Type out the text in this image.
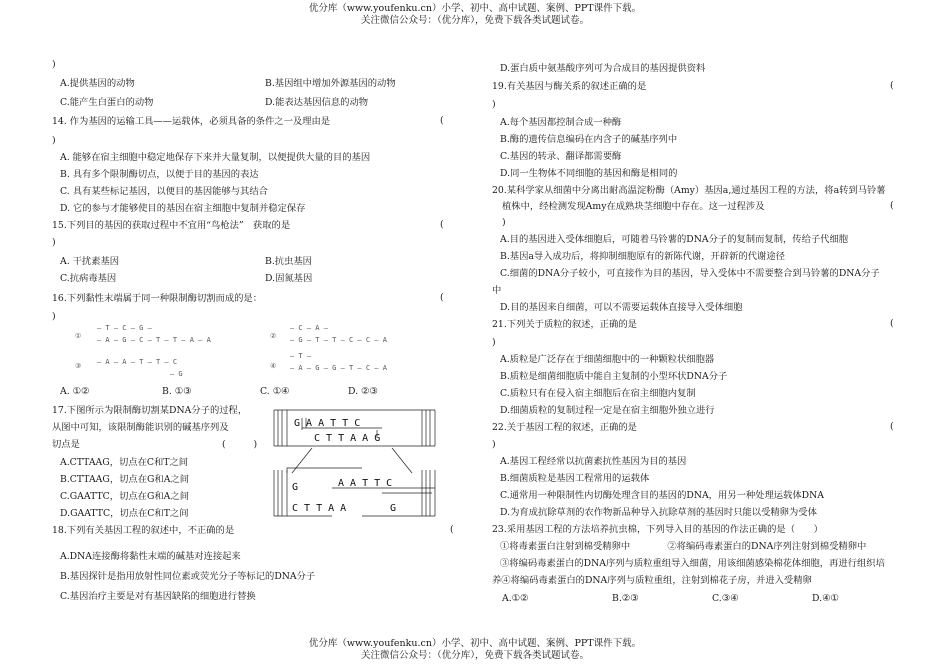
优分库（www.youfenku.cn）小学、初中、高中试题、案例、PPT课件下载。
关注微信公众号：（优分库），免费下载各类试题试卷。
)
A.提供基因的动物	B.基因组中增加外源基因的动物
C.能产生白蛋白的动物	D.能表达基因信息的动物
14. 作为基因的运输工具——运载体，必须具备的条件之一及理由是	(
)
A. 能够在宿主细胞中稳定地保存下来并大量复制，以便提供大量的目的基因
B. 具有多个限制酶切点，以便于目的基因的表达
C. 具有某些标记基因，以便目的基因能够与其结合
D. 它的参与才能够使目的基因在宿主细胞中复制并稳定保存
15.下列目的基因的获取过程中不宜用“鸟枪法”　获取的是	(
)
A. 干扰素基因	B.抗虫基因
C.抗病毒基因	D.固氮基因
16.下列黏性末端属于同一种限制酶切割而成的是：	(
)
①
— T — C — G —
— A — G — C — T — T — A — A	②
— C — A —
— G — T — T — C — C — A
③ — A — A — T — T — C
— G
④
— T —
— A — G — G — T — C — A
A. ①②	B. ①③	C. ①④	D. ②③
17.下图所示为限制酶切割某DNA分子的过程，
从图中可知，该限制酶能识别的碱基序列及
切点是	(　　　)
A.CTTAAG，切点在C和T之间
B.CTTAAG，切点在G和A之间
C.GAATTC，切点在G和A之间
D.GAATTC，切点在C和T之间
G A A T T C
C T T A A G
G
C T T A A
A A T T C
G
18.下列有关基因工程的叙述中，不正确的是	(
A.DNA连接酶将黏性末端的碱基对连接起来
B.基因探针是指用放射性同位素或荧光分子等标记的DNA分子
C.基因治疗主要是对有基因缺陷的细胞进行替换
D.蛋白质中氨基酸序列可为合成目的基因提供资料
19.有关基因与酶关系的叙述正确的是	(
)
A.每个基因都控制合成一种酶
B.酶的遗传信息编码在内含子的碱基序列中
C.基因的转录、翻译都需要酶
D.同一生物体不同细胞的基因和酶是相同的
20.某科学家从细菌中分离出耐高温淀粉酶（Amy）基因a,通过基因工程的方法，将a转到马铃薯
植株中，经检测发现Amy在成熟块茎细胞中存在。这一过程涉及	(
)
A.目的基因进入受体细胞后，可随着马铃薯的DNA分子的复制而复制，传给子代细胞
B.基因a导入成功后，将抑制细胞原有的新陈代谢，开辟新的代谢途径
C.细菌的DNA分子较小，可直接作为目的基因，导入受体中不需要整合到马铃薯的DNA分子
中
D.目的基因来自细菌，可以不需要运载体直接导入受体细胞
21.下列关于质粒的叙述，正确的是	(
)
A.质粒是广泛存在于细菌细胞中的一种颗粒状细胞器
B.质粒是细菌细胞质中能自主复制的小型环状DNA分子
C.质粒只有在侵入宿主细胞后在宿主细胞内复制
D.细菌质粒的复制过程一定是在宿主细胞外独立进行
22.关于基因工程的叙述，正确的是	(
)
A.基因工程经常以抗菌素抗性基因为目的基因
B.细菌质粒是基因工程常用的运载体
C.通常用一种限制性内切酶处理含目的基因的DNA，用另一种处理运载体DNA
D.为育成抗除草剂的农作物新品种导入抗除草剂的基因时只能以受精卵为受体
23.采用基因工程的方法培养抗虫棉，下列导入目的基因的作法正确的是（　　）
①将毒素蛋白注射到棉受精卵中　　　　②将编码毒素蛋白的DNA序列注射到棉受精卵中
③将编码毒素蛋白的DNA序列与质粒重组导入细菌，用该细菌感染棉花体细胞，再进行组织培
养④将编码毒素蛋白的DNA序列与质粒重组，注射到棉花子房，并进入受精卵
A.①②	B.②③	C.③④	D.④①
优分库（www.youfenku.cn）小学、初中、高中试题、案例、PPT课件下载。
关注微信公众号：（优分库），免费下载各类试题试卷。
